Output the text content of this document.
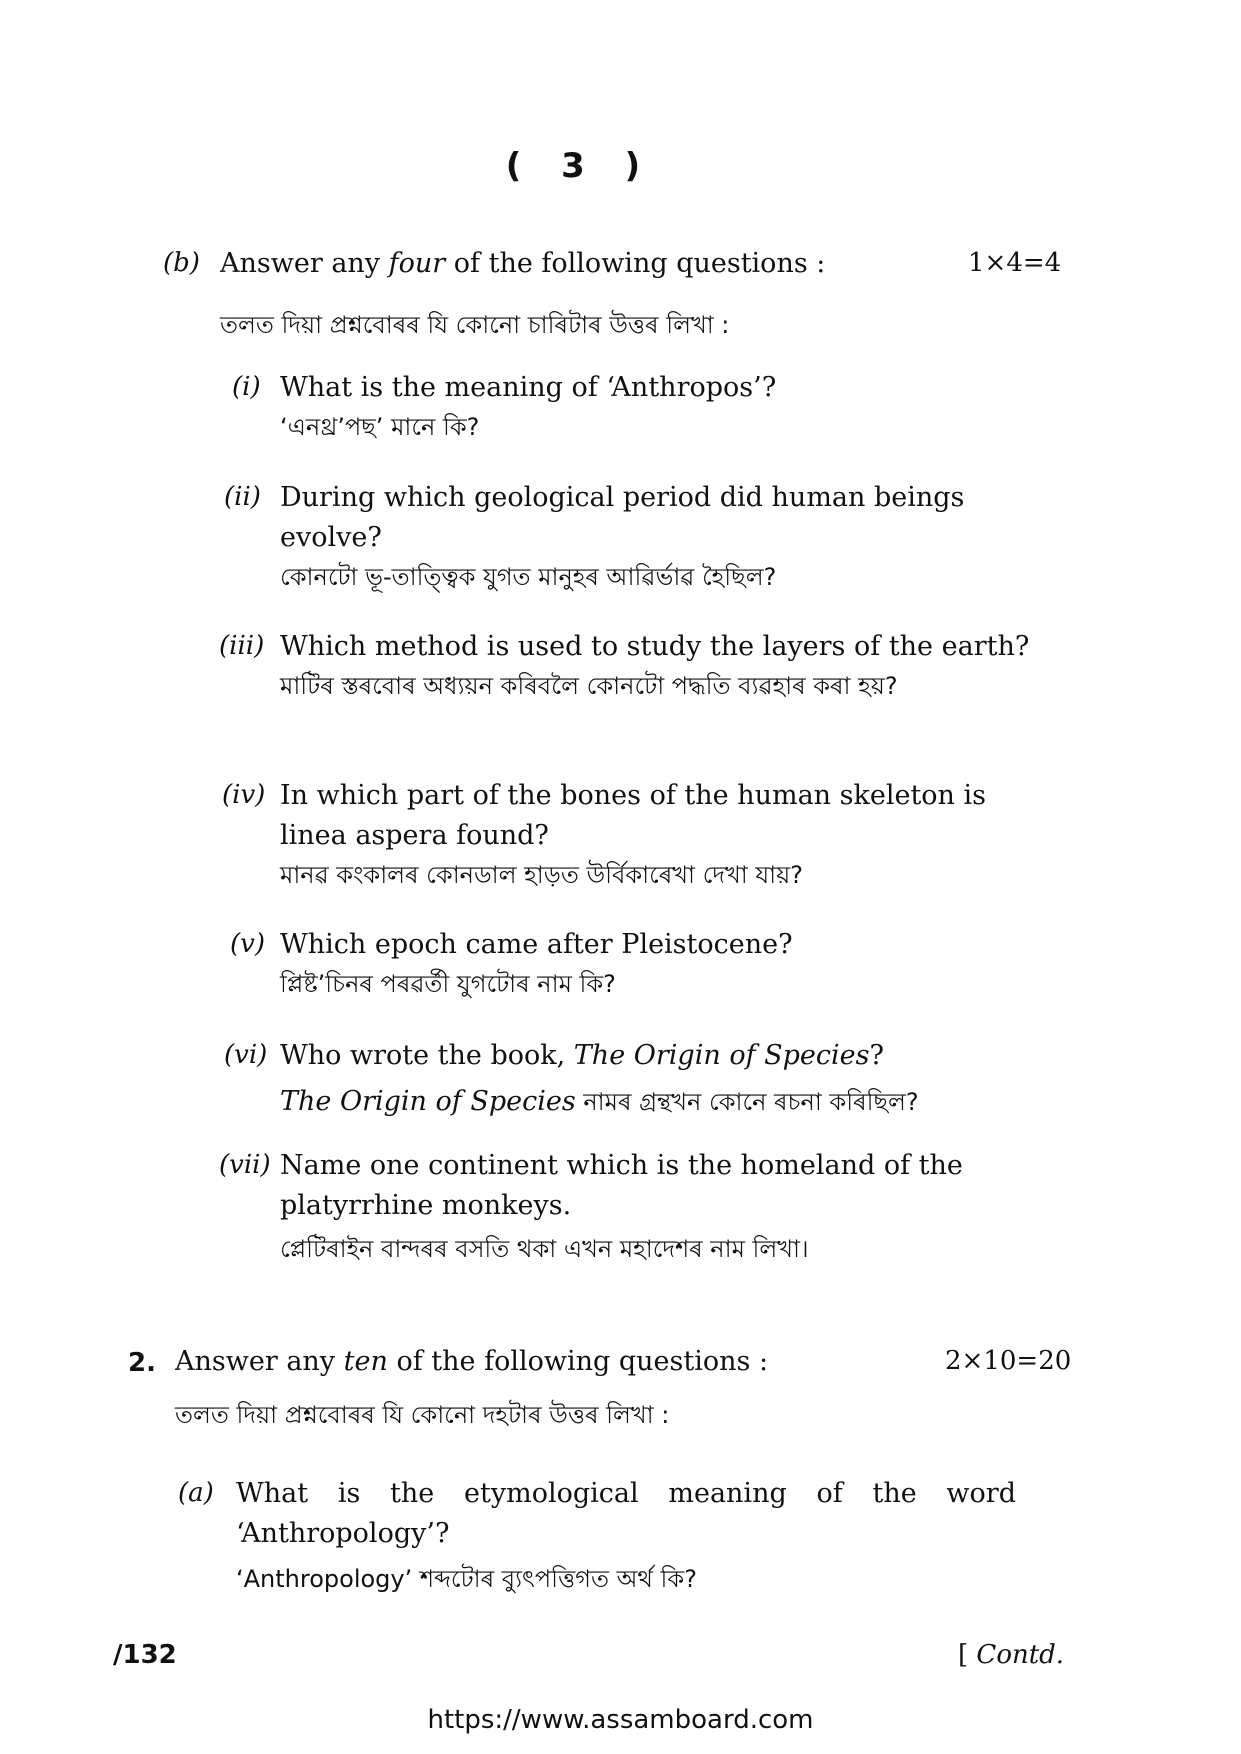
( 3 )
(b) Answer any four of the following questions :	1×4=4
তলত দিয়া প্ৰশ্নবোৰৰ যি কোনো চাৰিটাৰ উত্তৰ লিখা :
(i) What is the meaning of ‘Anthropos’?
‘এনথ্ৰ’পছ’ মানে কি?
(ii) During which geological period did human beings evolve?
কোনটো ভূ-তাত্ত্বিক যুগত মানুহৰ আৱিৰ্ভাৱ হৈছিল?
(iii) Which method is used to study the layers of the earth?
মাটিৰ স্তৰবোৰ অধ্যয়ন কৰিবলৈ কোনটো পদ্ধতি ব্যৱহাৰ কৰা হয়?
(iv) In which part of the bones of the human skeleton is linea aspera found?
মানৱ কংকালৰ কোনডাল হাড়ত উৰ্বিকাৰেখা দেখা যায়?
(v) Which epoch came after Pleistocene?
প্লিষ্ট’চিনৰ পৰৱৰ্তী যুগটোৰ নাম কি?
(vi) Who wrote the book, The Origin of Species?
The Origin of Species নামৰ গ্ৰন্থখন কোনে ৰচনা কৰিছিল?
(vii) Name one continent which is the homeland of the platyrrhine monkeys.
প্লেটিৰাইন বান্দৰৰ বসতি থকা এখন মহাদেশৰ নাম লিখা।
2. Answer any ten of the following questions :	2×10=20
তলত দিয়া প্ৰশ্নবোৰৰ যি কোনো দহটাৰ উত্তৰ লিখা :
(a) What is the etymological meaning of the word
‘Anthropology’?
‘Anthropology’ শব্দটোৰ ব্যুৎপত্তিগত অৰ্থ কি?
/132	[ Contd.
https://www.assamboard.com
